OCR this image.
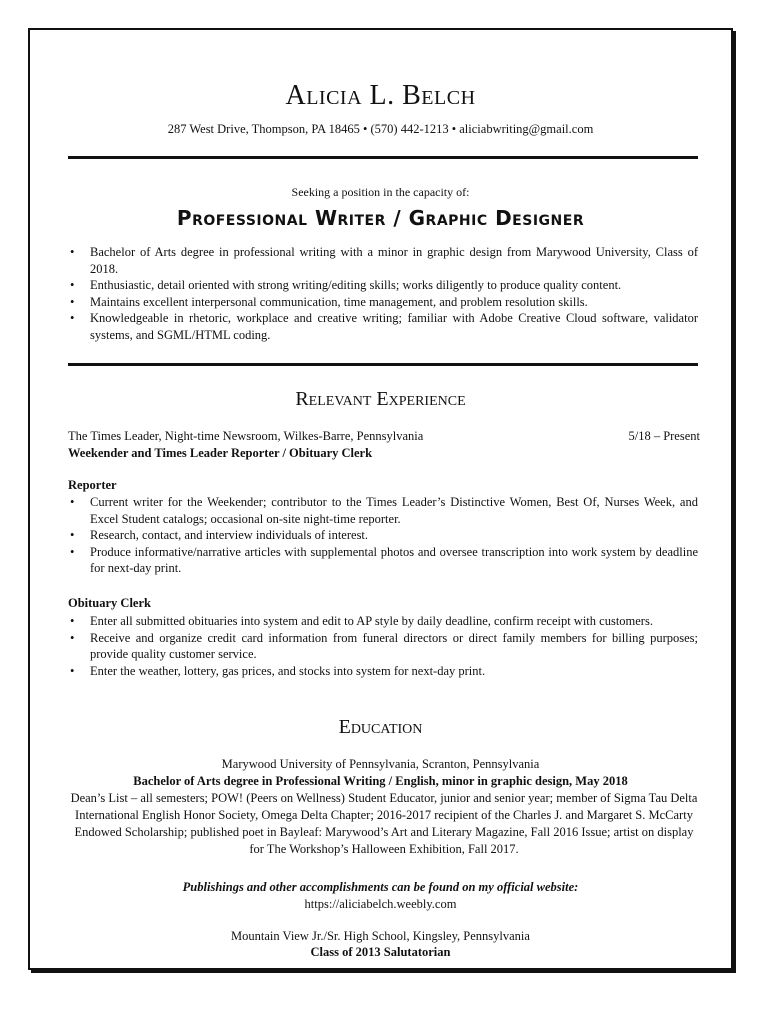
Alicia L. Belch
287 West Drive, Thompson, PA 18465 • (570) 442-1213 • aliciabwriting@gmail.com
Seeking a position in the capacity of:
Professional Writer / Graphic Designer
• Bachelor of Arts degree in professional writing with a minor in graphic design from Marywood University, Class of 2018.
• Enthusiastic, detail oriented with strong writing/editing skills; works diligently to produce quality content.
• Maintains excellent interpersonal communication, time management, and problem resolution skills.
• Knowledgeable in rhetoric, workplace and creative writing; familiar with Adobe Creative Cloud software, validator systems, and SGML/HTML coding.
Relevant Experience
The Times Leader, Night-time Newsroom, Wilkes-Barre, Pennsylvania	5/18 – Present
Weekender and Times Leader Reporter / Obituary Clerk
Reporter
• Current writer for the Weekender; contributor to the Times Leader’s Distinctive Women, Best Of, Nurses Week, and Excel Student catalogs; occasional on-site night-time reporter.
• Research, contact, and interview individuals of interest.
• Produce informative/narrative articles with supplemental photos and oversee transcription into work system by deadline for next-day print.
Obituary Clerk
• Enter all submitted obituaries into system and edit to AP style by daily deadline, confirm receipt with customers.
• Receive and organize credit card information from funeral directors or direct family members for billing purposes; provide quality customer service.
• Enter the weather, lottery, gas prices, and stocks into system for next-day print.
Education
Marywood University of Pennsylvania, Scranton, Pennsylvania
Bachelor of Arts degree in Professional Writing / English, minor in graphic design, May 2018
Dean’s List – all semesters; POW! (Peers on Wellness) Student Educator, junior and senior year; member of Sigma Tau Delta International English Honor Society, Omega Delta Chapter; 2016-2017 recipient of the Charles J. and Margaret S. McCarty Endowed Scholarship; published poet in Bayleaf: Marywood’s Art and Literary Magazine, Fall 2016 Issue; artist on display for The Workshop’s Halloween Exhibition, Fall 2017.
Publishings and other accomplishments can be found on my official website:
https://aliciabelch.weebly.com
Mountain View Jr./Sr. High School, Kingsley, Pennsylvania
Class of 2013 Salutatorian
